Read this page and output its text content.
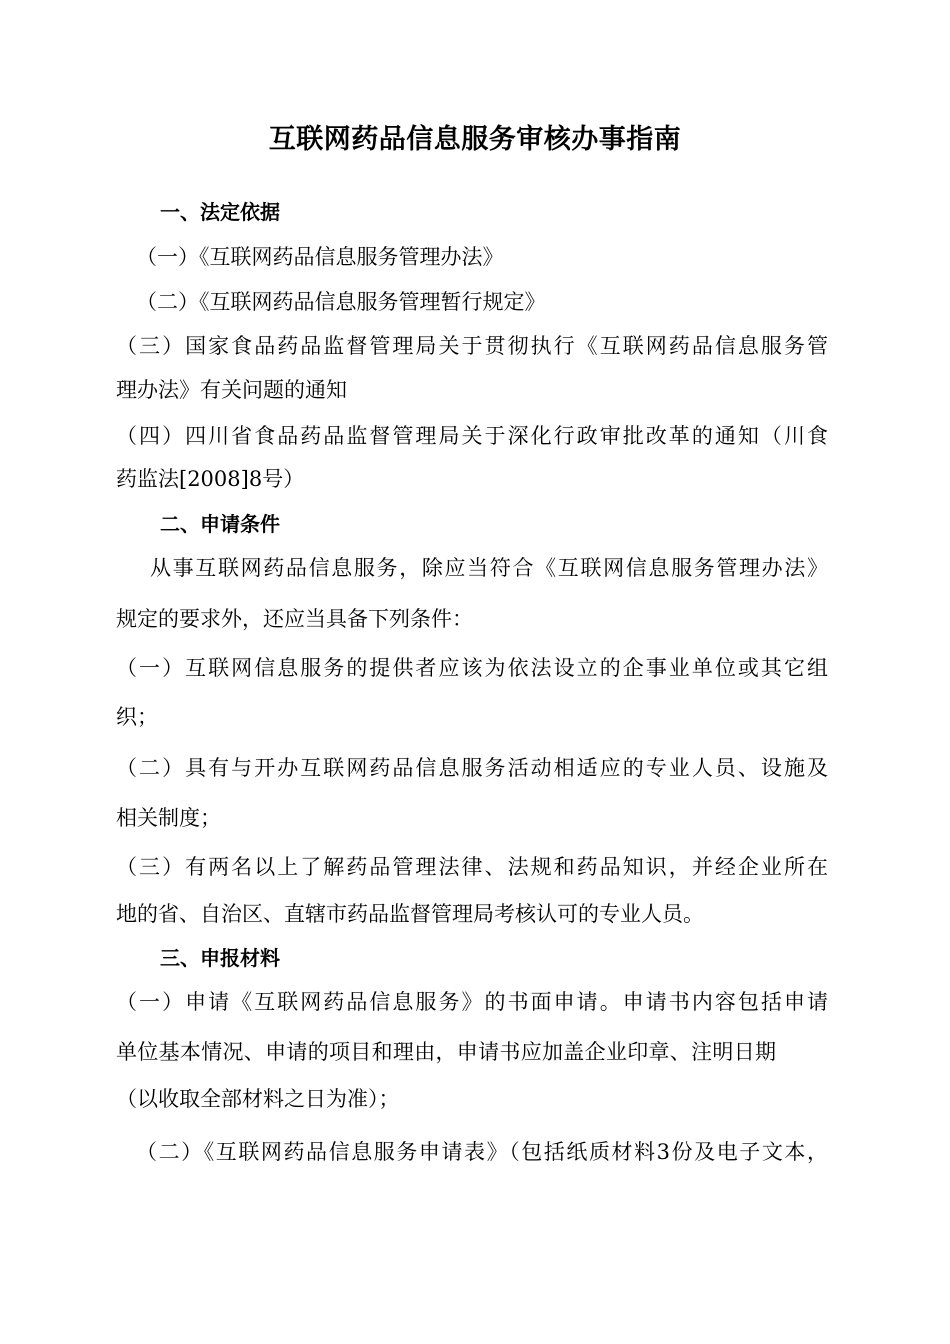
互联网药品信息服务审核办事指南
一、法定依据
（一）《互联网药品信息服务管理办法》
（二）《互联网药品信息服务管理暂行规定》
（三）国家食品药品监督管理局关于贯彻执行《互联网药品信息服务管
理办法》有关问题的通知
（四）四川省食品药品监督管理局关于深化行政审批改革的通知（川食
药监法[2008]8号）
二、申请条件
从事互联网药品信息服务，除应当符合《互联网信息服务管理办法》
规定的要求外，还应当具备下列条件：
（一）互联网信息服务的提供者应该为依法设立的企事业单位或其它组
织；
（二）具有与开办互联网药品信息服务活动相适应的专业人员、设施及
相关制度；
（三）有两名以上了解药品管理法律、法规和药品知识，并经企业所在
地的省、自治区、直辖市药品监督管理局考核认可的专业人员。
三、申报材料
（一）申请《互联网药品信息服务》的书面申请。申请书内容包括申请
单位基本情况、申请的项目和理由，申请书应加盖企业印章、注明日期
（以收取全部材料之日为准）；
（二）《互联网药品信息服务申请表》（包括纸质材料3份及电子文本，
